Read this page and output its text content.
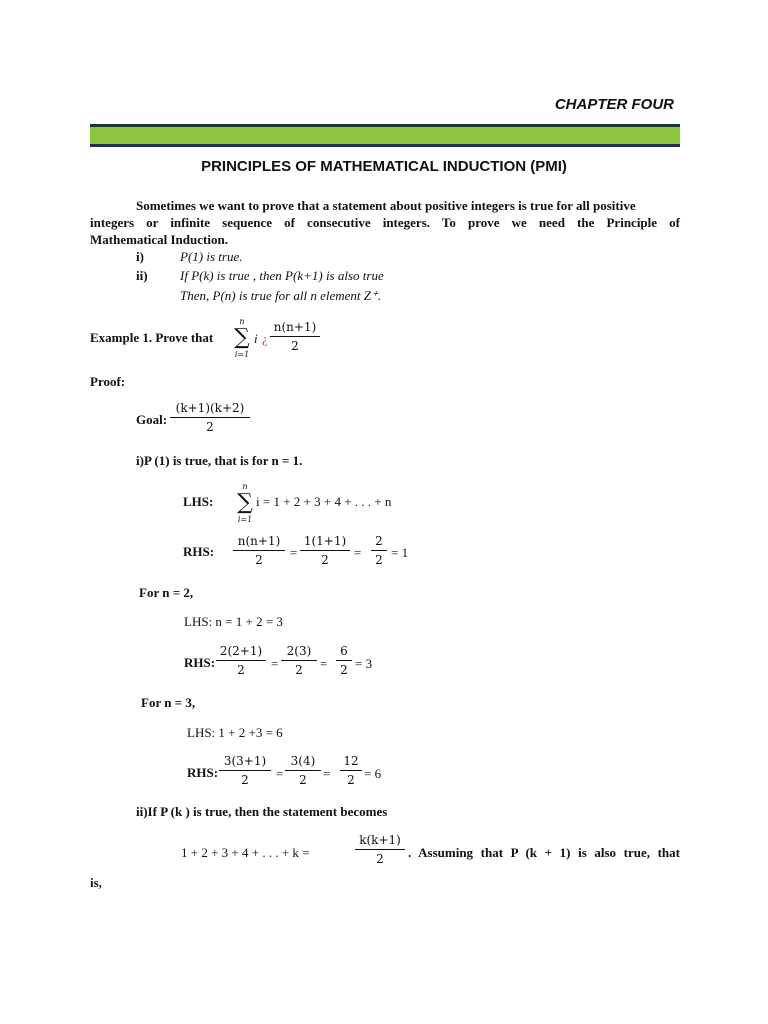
CHAPTER FOUR
PRINCIPLES OF MATHEMATICAL INDUCTION (PMI)
Sometimes we want to prove that a statement about positive integers is true for all positive
integers or infinite sequence of consecutive integers. To prove we need the Principle of
Mathematical Induction.
i)	P(1) is true.
ii) If P(k) is true , then P(k+1) is also true
Then, P(n) is true for all n element Z⁺.
Example 1. Prove that
n
∑
i=1
i ¿
n(n+1)
2
Proof:
Goal:
(k+1)(k+2)
2
i)P (1) is true, that is for n = 1.
LHS:
n
∑
i=1
i = 1 + 2 + 3 + 4 + . . . + n
RHS:
n(n+1)
2	=
1(1+1)
2	=
2
2 = 1
For n = 2,
LHS: n = 1 + 2 = 3
RHS:
2(2+1)
2	=
2(3)
2	=
6
2 = 3
For n = 3,
LHS: 1 + 2 +3 = 6
RHS:
3(3+1)
2	=
3(4)
2	=
12
2 = 6
ii)If P (k ) is true, then the statement becomes
1 + 2 + 3 + 4 + . . . + k =
k(k+1)
2	. Assuming that P (k + 1) is also true, that
is,
